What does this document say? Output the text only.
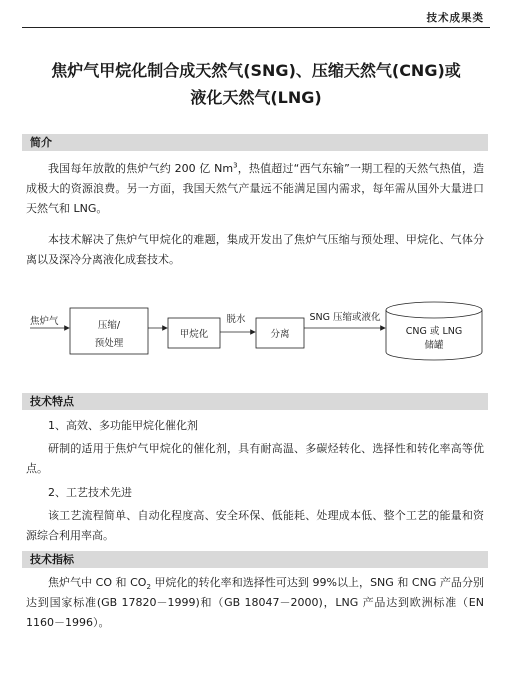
技术成果类
焦炉气甲烷化制合成天然气(SNG)、压缩天然气(CNG)或
液化天然气(LNG)
简介

我国每年放散的焦炉气约 200 亿 Nm$^3$，热值超过“西气东输”一期工程的天然气热值，造成极大的资源浪费。另一方面，我国天然气产量远不能满足国内需求，每年需从国外大量进口天然气和 LNG。

本技术解决了焦炉气甲烷化的难题，集成开发出了焦炉气压缩与预处理、甲烷化、气体分离以及深冷分离液化成套技术。

焦炉气	压缩/
预处理
甲烷化
脱水
分离
SNG 压缩或液化
CNG 或 LNG
储罐
技术特点

1、高效、多功能甲烷化催化剂

研制的适用于焦炉气甲烷化的催化剂，具有耐高温、多碳烃转化、选择性和转化率高等优点。

2、工艺技术先进

该工艺流程简单、自动化程度高、安全环保、低能耗、处理成本低、整个工艺的能量和资源综合利用率高。

技术指标

焦炉气中 CO 和 $CO_2$ 甲烷化的转化率和选择性可达到 99%以上，SNG 和 CNG 产品分别达到国家标准(GB 17820－1999)和（GB 18047－2000)，LNG 产品达到欧洲标准（EN 1160－1996）。
